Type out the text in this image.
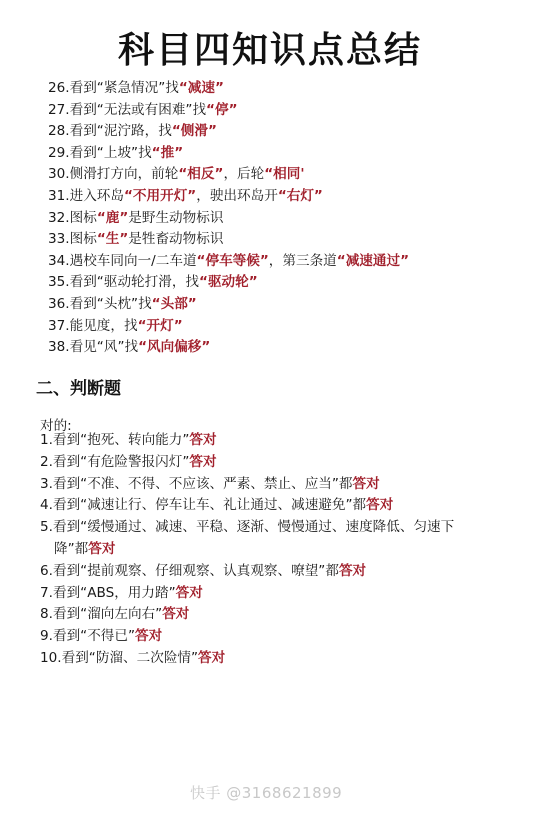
科目四知识点总结
26.看到“紧急情况”找“减速”
27.看到“无法或有困难”找“停”
28.看到“泥泞路，找“侧滑”
29.看到“上坡”找“推”
30.侧滑打方向，前轮“相反”，后轮“相同'
31.进入环岛“不用开灯”，驶出环岛开“右灯”
32.图标“鹿”是野生动物标识
33.图标“生”是牲畜动物标识
34.遇校车同向一/二车道“停车等候”，第三条道“减速通过”
35.看到“驱动轮打滑，找“驱动轮”
36.看到“头枕”找“头部”
37.能见度，找“开灯”
38.看见“风”找“风向偏移”
二、判断题
对的:
1.看到“抱死、转向能力”答对
2.看到“有危险警报闪灯”答对
3.看到“不准、不得、不应该、严素、禁止、应当”都答对
4.看到“减速让行、停车让车、礼让通过、减速避免”都答对
5.看到“缓慢通过、减速、平稳、逐渐、慢慢通过、速度降低、匀速下
降”都答对
6.看到“提前观察、仔细观察、认真观察、嘹望”都答对
7.看到“ABS，用力踏”答对
8.看到“溜向左向右”答对
9.看到“不得已”答对
10.看到“防溜、二次险情”答对
快手 @3168621899
